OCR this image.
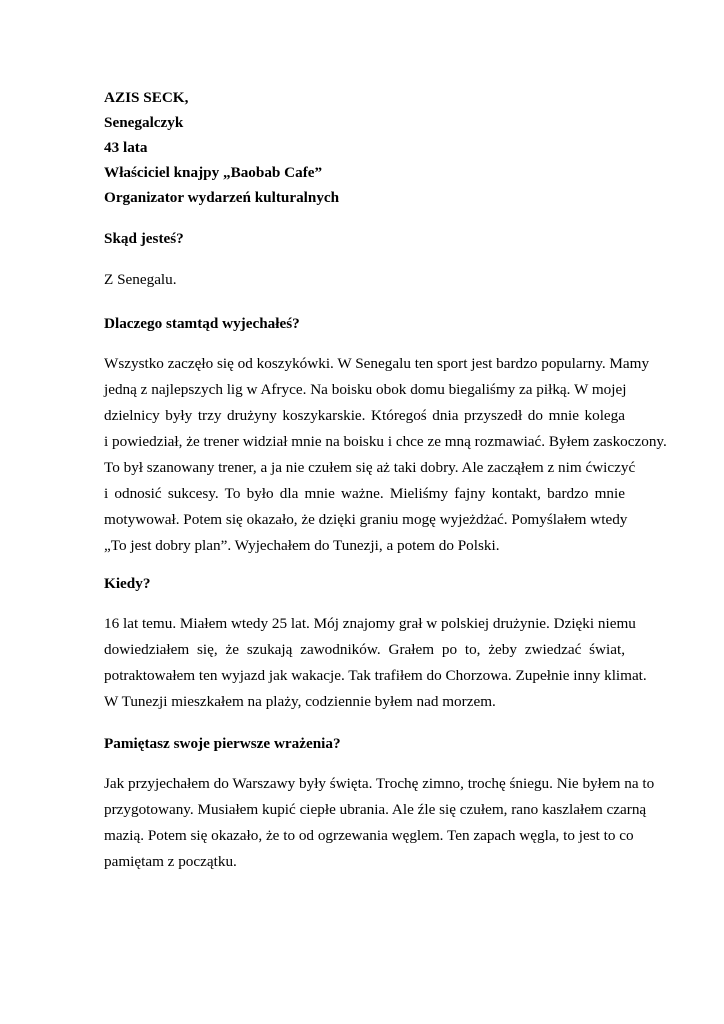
AZIS SECK,
Senegalczyk
43 lata
Właściciel knajpy „Baobab Cafe”
Organizator wydarzeń kulturalnych
Skąd jesteś?
Z Senegalu.
Dlaczego stamtąd wyjechałeś?
Wszystko zaczęło się od koszykówki. W Senegalu ten sport jest bardzo popularny. Mamy
jedną z najlepszych lig w Afryce. Na boisku obok domu biegaliśmy za piłką. W mojej
dzielnicy były trzy drużyny koszykarskie. Któregoś dnia przyszedł do mnie kolega
i powiedział, że trener widział mnie na boisku i chce ze mną rozmawiać. Byłem zaskoczony.
To był szanowany trener, a ja nie czułem się aż taki dobry. Ale zacząłem z nim ćwiczyć
i odnosić sukcesy. To było dla mnie ważne. Mieliśmy fajny kontakt, bardzo mnie
motywował. Potem się okazało, że dzięki graniu mogę wyjeżdżać. Pomyślałem wtedy
„To jest dobry plan”. Wyjechałem do Tunezji, a potem do Polski.
Kiedy?
16 lat temu. Miałem wtedy 25 lat. Mój znajomy grał w polskiej drużynie. Dzięki niemu
dowiedziałem się, że szukają zawodników. Grałem po to, żeby zwiedzać świat,
potraktowałem ten wyjazd jak wakacje. Tak trafiłem do Chorzowa. Zupełnie inny klimat.
W Tunezji mieszkałem na plaży, codziennie byłem nad morzem.
Pamiętasz swoje pierwsze wrażenia?
Jak przyjechałem do Warszawy były święta. Trochę zimno, trochę śniegu. Nie byłem na to
przygotowany. Musiałem kupić ciepłe ubrania. Ale źle się czułem, rano kaszlałem czarną
mazią. Potem się okazało, że to od ogrzewania węglem. Ten zapach węgla, to jest to co
pamiętam z początku.
